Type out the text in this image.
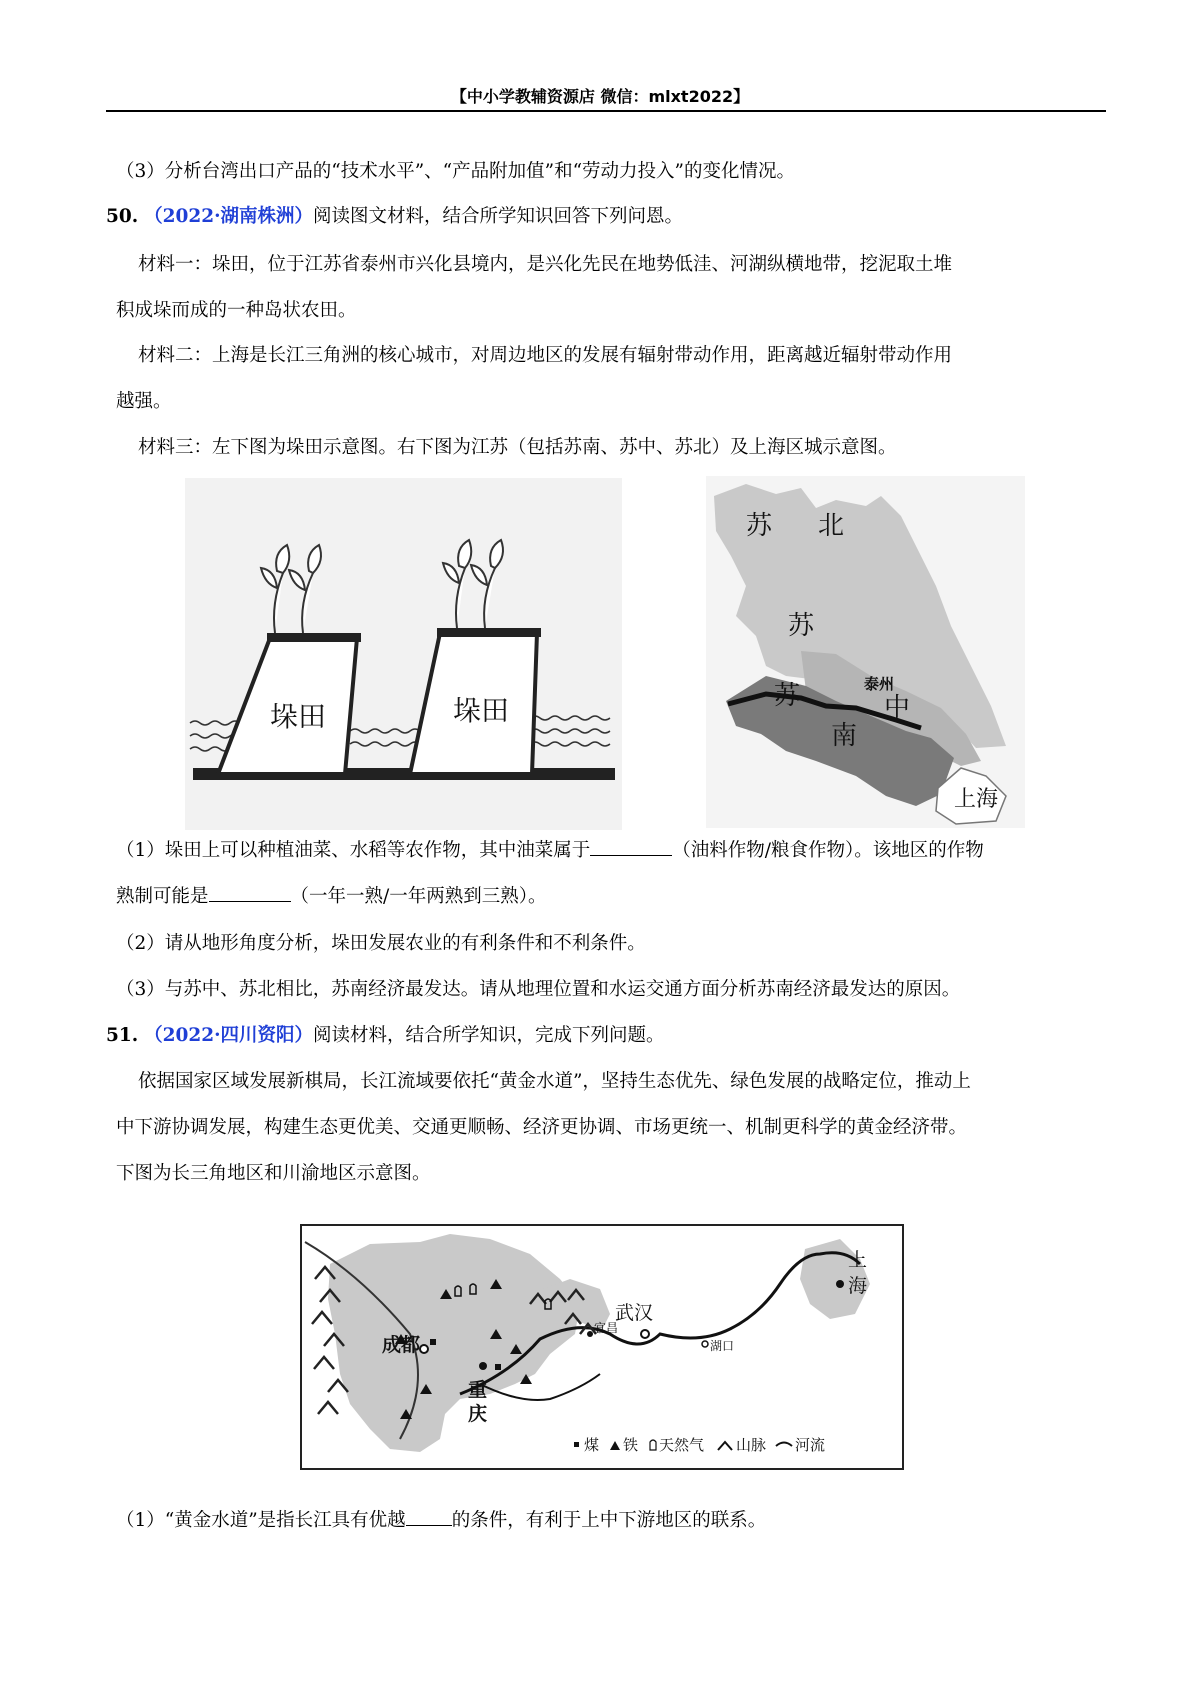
【中小学教辅资源店 微信：mlxt2022】
（3）分析台湾出口产品的“技术水平”、“产品附加值”和“劳动力投入”的变化情况。
50. （2022·湖南株洲）阅读图文材料，结合所学知识回答下列问恩。
材料一：垛田，位于江苏省泰州市兴化县境内，是兴化先民在地势低洼、河湖纵横地带，挖泥取土堆
积成垛而成的一种岛状农田。
材料二：上海是长江三角洲的核心城市，对周边地区的发展有辐射带动作用，距离越近辐射带动作用
越强。
材料三：左下图为垛田示意图。右下图为江苏（包括苏南、苏中、苏北）及上海区城示意图。
垛田	垛田
苏 北
苏
泰州
中
苏
南
上海
（1）垛田上可以种植油菜、水稻等农作物，其中油菜属于	（油料作物/粮食作物）。该地区的作物
熟制可能是	（一年一熟/一年两熟到三熟）。
（2）请从地形角度分析，垛田发展农业的有利条件和不利条件。
（3）与苏中、苏北相比，苏南经济最发达。请从地理位置和水运交通方面分析苏南经济最发达的原因。
51. （2022·四川资阳）阅读材料，结合所学知识，完成下列问题。
依据国家区域发展新棋局，长江流域要依托“黄金水道”，坚持生态优先、绿色发展的战略定位，推动上
中下游协调发展，构建生态更优美、交通更顺畅、经济更协调、市场更统一、机制更科学的黄金经济带。
下图为长三角地区和川渝地区示意图。
成都
重
庆
武汉
宜昌
湖口
上
海
煤 铁 天然气 山脉 河流
（1）“黄金水道”是指长江具有优越 的条件，有利于上中下游地区的联系。
